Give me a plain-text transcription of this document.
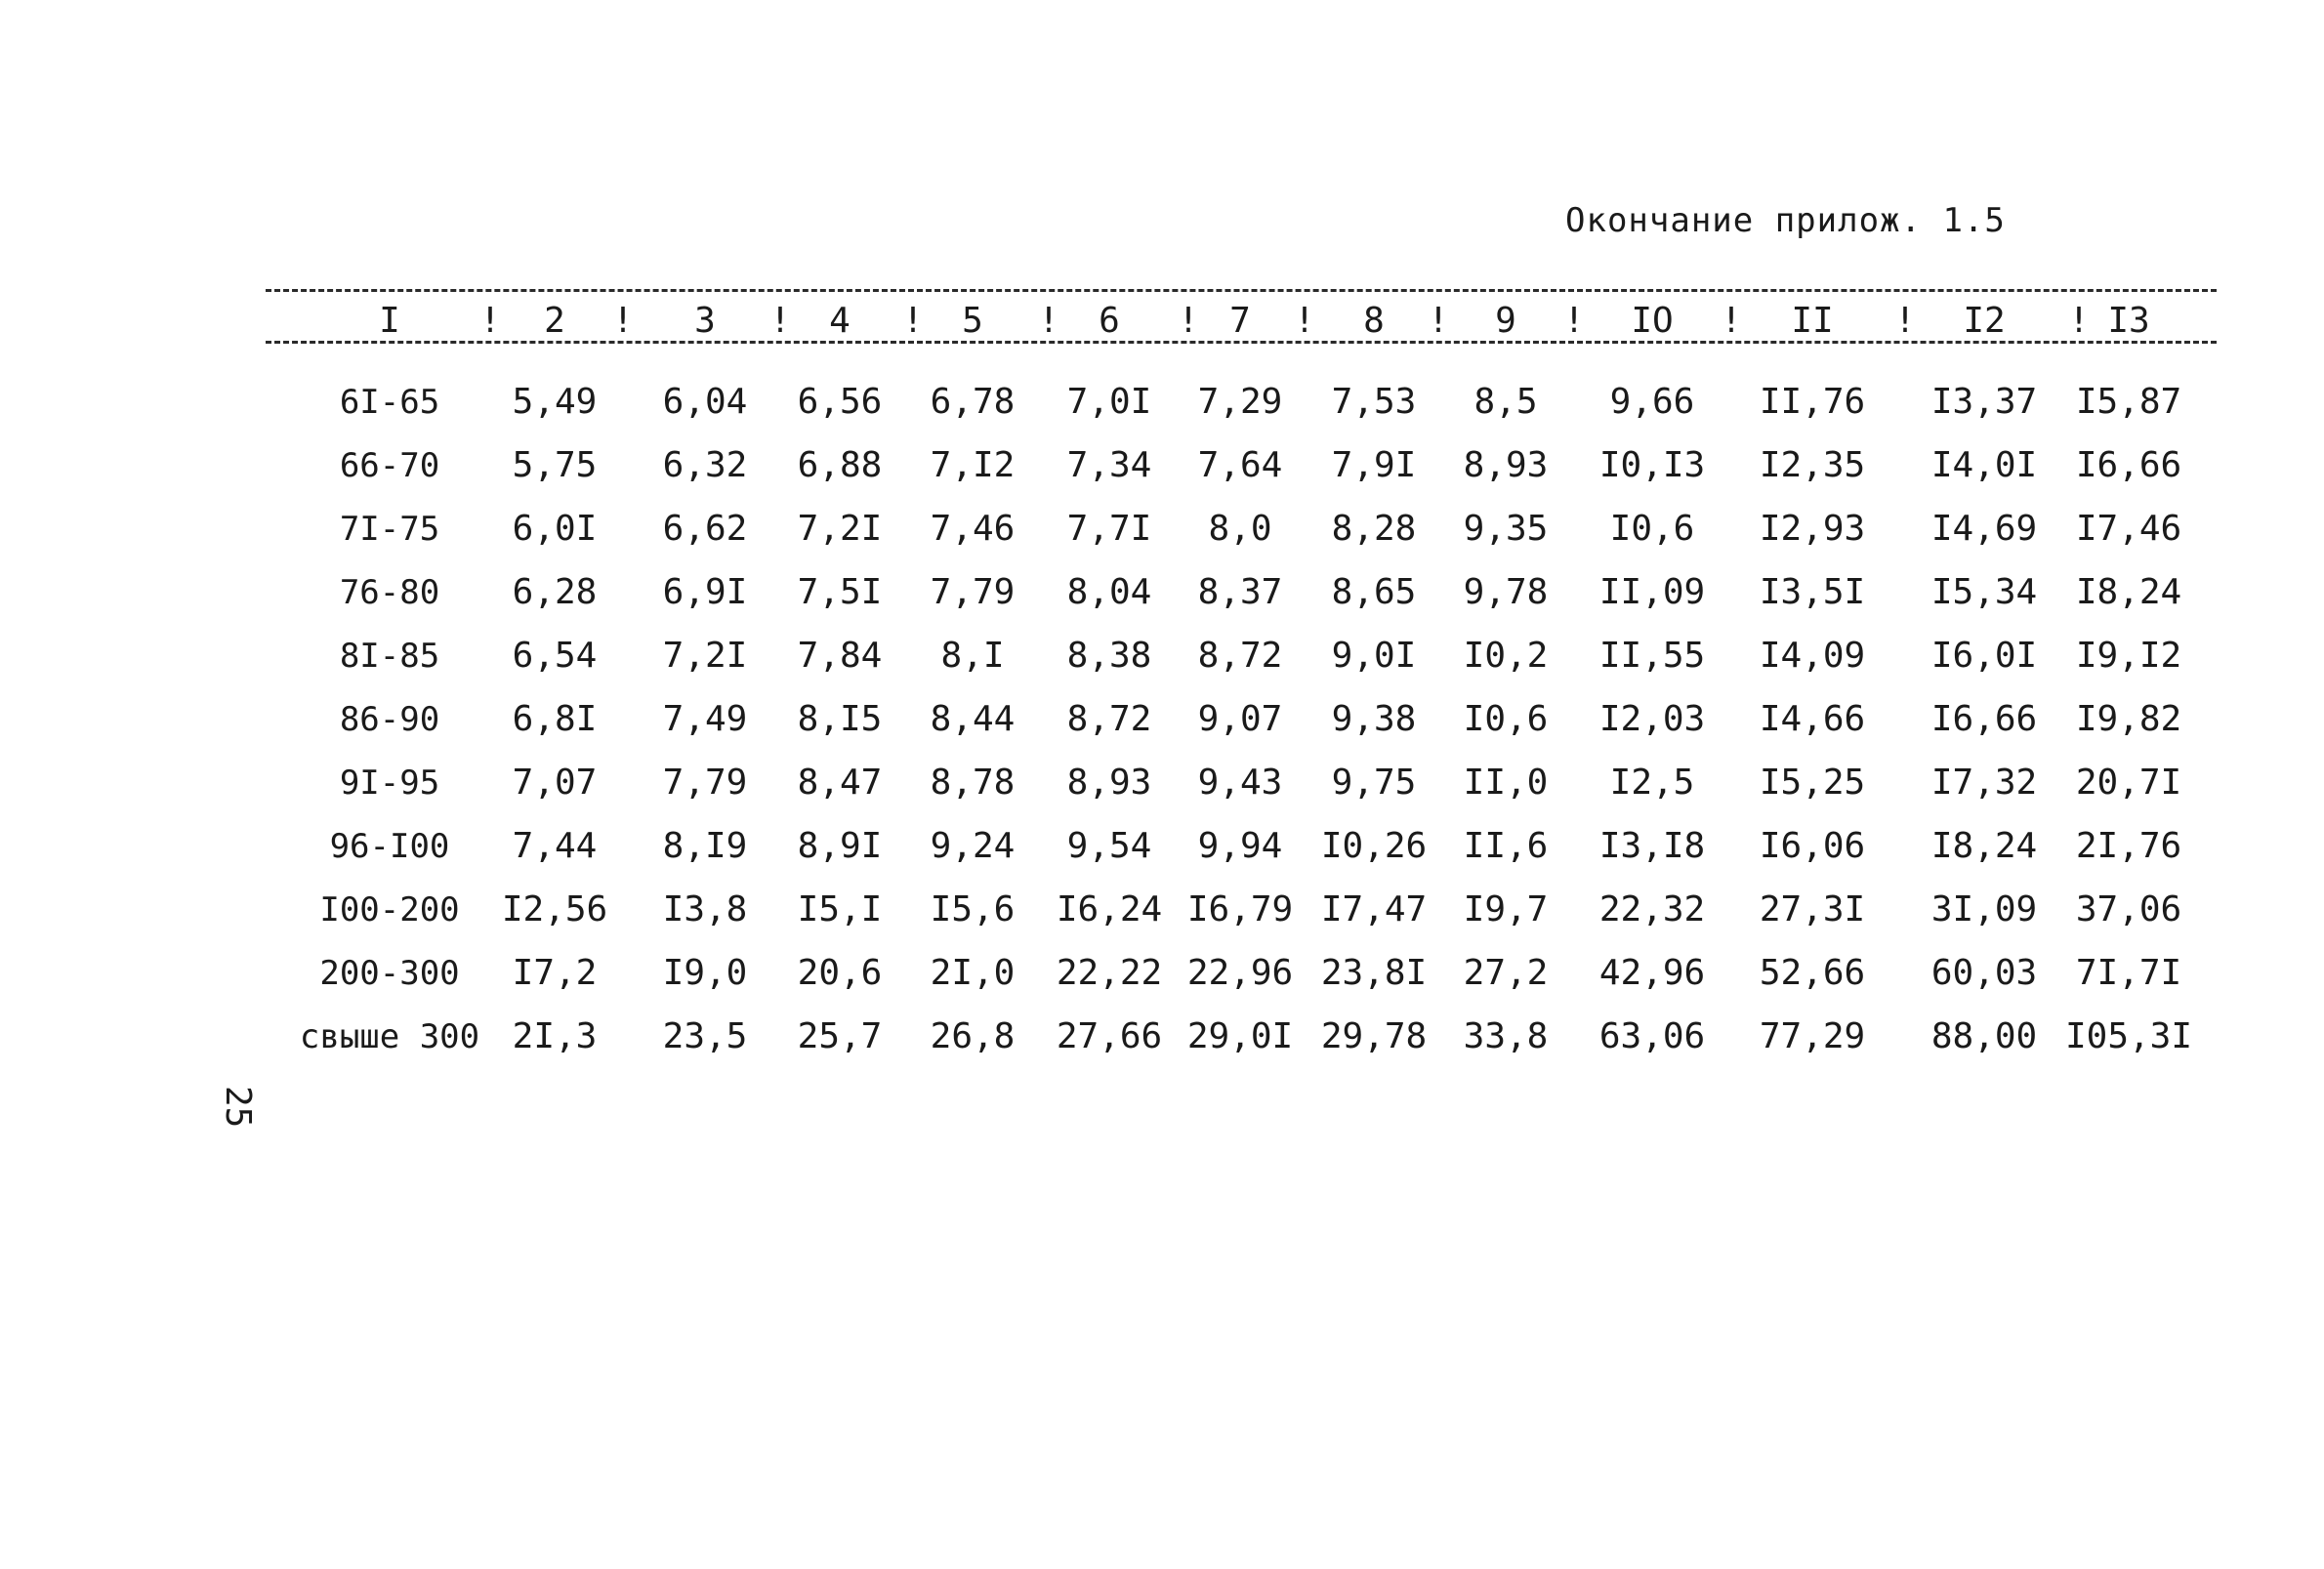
Окончание прилож. 1.5
I	2	3	4	5	6	7	8	9	IO	II	I2	I3
!	!	!	!	!	!	!	!	!	!	!	!
6I-65 5,49 6,04 6,56 6,78 7,0I 7,29 7,53 8,5 9,66 II,76 I3,37 I5,87
66-70 5,75 6,32 6,88 7,I2 7,34 7,64 7,9I 8,93 I0,I3 I2,35 I4,0I I6,66
7I-75 6,0I 6,62 7,2I 7,46 7,7I 8,0 8,28 9,35 I0,6 I2,93 I4,69 I7,46
76-80 6,28 6,9I 7,5I 7,79 8,04 8,37 8,65 9,78 II,09 I3,5I I5,34 I8,24
8I-85 6,54 7,2I 7,84 8,I 8,38 8,72 9,0I I0,2 II,55 I4,09 I6,0I I9,I2
86-90 6,8I 7,49 8,I5 8,44 8,72 9,07 9,38 I0,6 I2,03 I4,66 I6,66 I9,82
9I-95 7,07 7,79 8,47 8,78 8,93 9,43 9,75 II,0 I2,5 I5,25 I7,32 20,7I
96-I00 7,44 8,I9 8,9I 9,24 9,54 9,94 I0,26 II,6 I3,I8 I6,06 I8,24 2I,76
I00-200 I2,56 I3,8 I5,I I5,6 I6,24 I6,79 I7,47 I9,7 22,32 27,3I 3I,09 37,06
200-300 I7,2 I9,0 20,6 2I,0 22,22 22,96 23,8I 27,2 42,96 52,66 60,03 7I,7I
свыше 300 2I,3 23,5 25,7 26,8 27,66 29,0I 29,78 33,8 63,06 77,29 88,00 I05,3I
25
